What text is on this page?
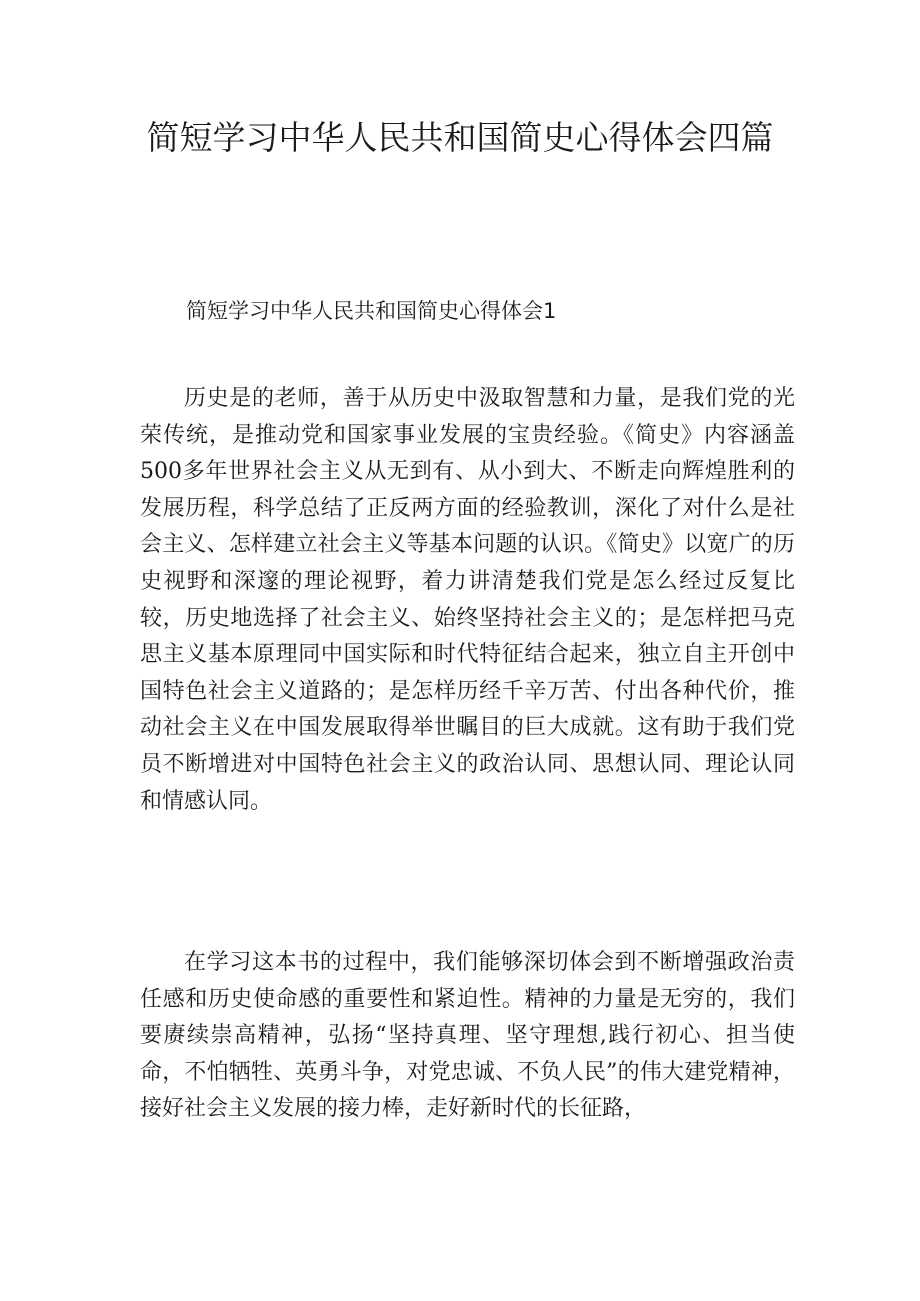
简短学习中华人民共和国简史心得体会四篇

简短学习中华人民共和国简史心得体会1

历史是的老师，善于从历史中汲取智慧和力量，是我们党的光荣传统，是推动党和国家事业发展的宝贵经验。《简史》内容涵盖500多年世界社会主义从无到有、从小到大、不断走向辉煌胜利的发展历程，科学总结了正反两方面的经验教训，深化了对什么是社会主义、怎样建立社会主义等基本问题的认识。《简史》以宽广的历史视野和深邃的理论视野，着力讲清楚我们党是怎么经过反复比较，历史地选择了社会主义、始终坚持社会主义的；是怎样把马克思主义基本原理同中国实际和时代特征结合起来，独立自主开创中国特色社会主义道路的；是怎样历经千辛万苦、付出各种代价，推动社会主义在中国发展取得举世瞩目的巨大成就。这有助于我们党员不断增进对中国特色社会主义的政治认同、思想认同、理论认同和情感认同。

在学习这本书的过程中，我们能够深切体会到不断增强政治责任感和历史使命感的重要性和紧迫性。精神的力量是无穷的，我们要赓续崇高精神，弘扬“坚持真理、坚守理想,践行初心、担当使命，不怕牺牲、英勇斗争，对党忠诚、不负人民”的伟大建党精神，接好社会主义发展的接力棒，走好新时代的长征路，
